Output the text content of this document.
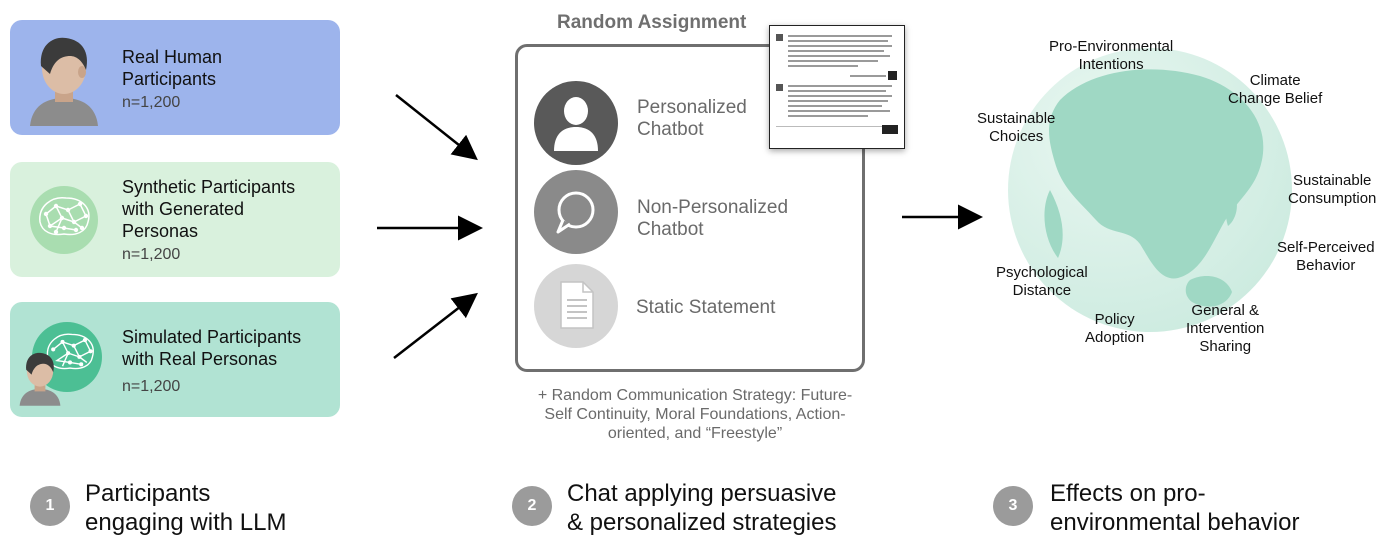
Real Human
Participants
n=1,200
Synthetic Participants
with Generated
Personas
n=1,200
Simulated Participants
with Real Personas
n=1,200
Random Assignment
Personalized
Chatbot
Non-Personalized
Chatbot
Static Statement
+ Random Communication Strategy: Future-
Self Continuity, Moral Foundations, Action-
oriented, and “Freestyle”
Pro-Environmental
Intentions
Climate
Change Belief
Sustainable
Choices
Sustainable
Consumption
Self-Perceived
Behavior
Psychological
Distance
Policy
Adoption
General &
Intervention
Sharing
1	Participants
engaging with LLM
2	Chat applying persuasive
& personalized strategies
3	Effects on pro-
environmental behavior
